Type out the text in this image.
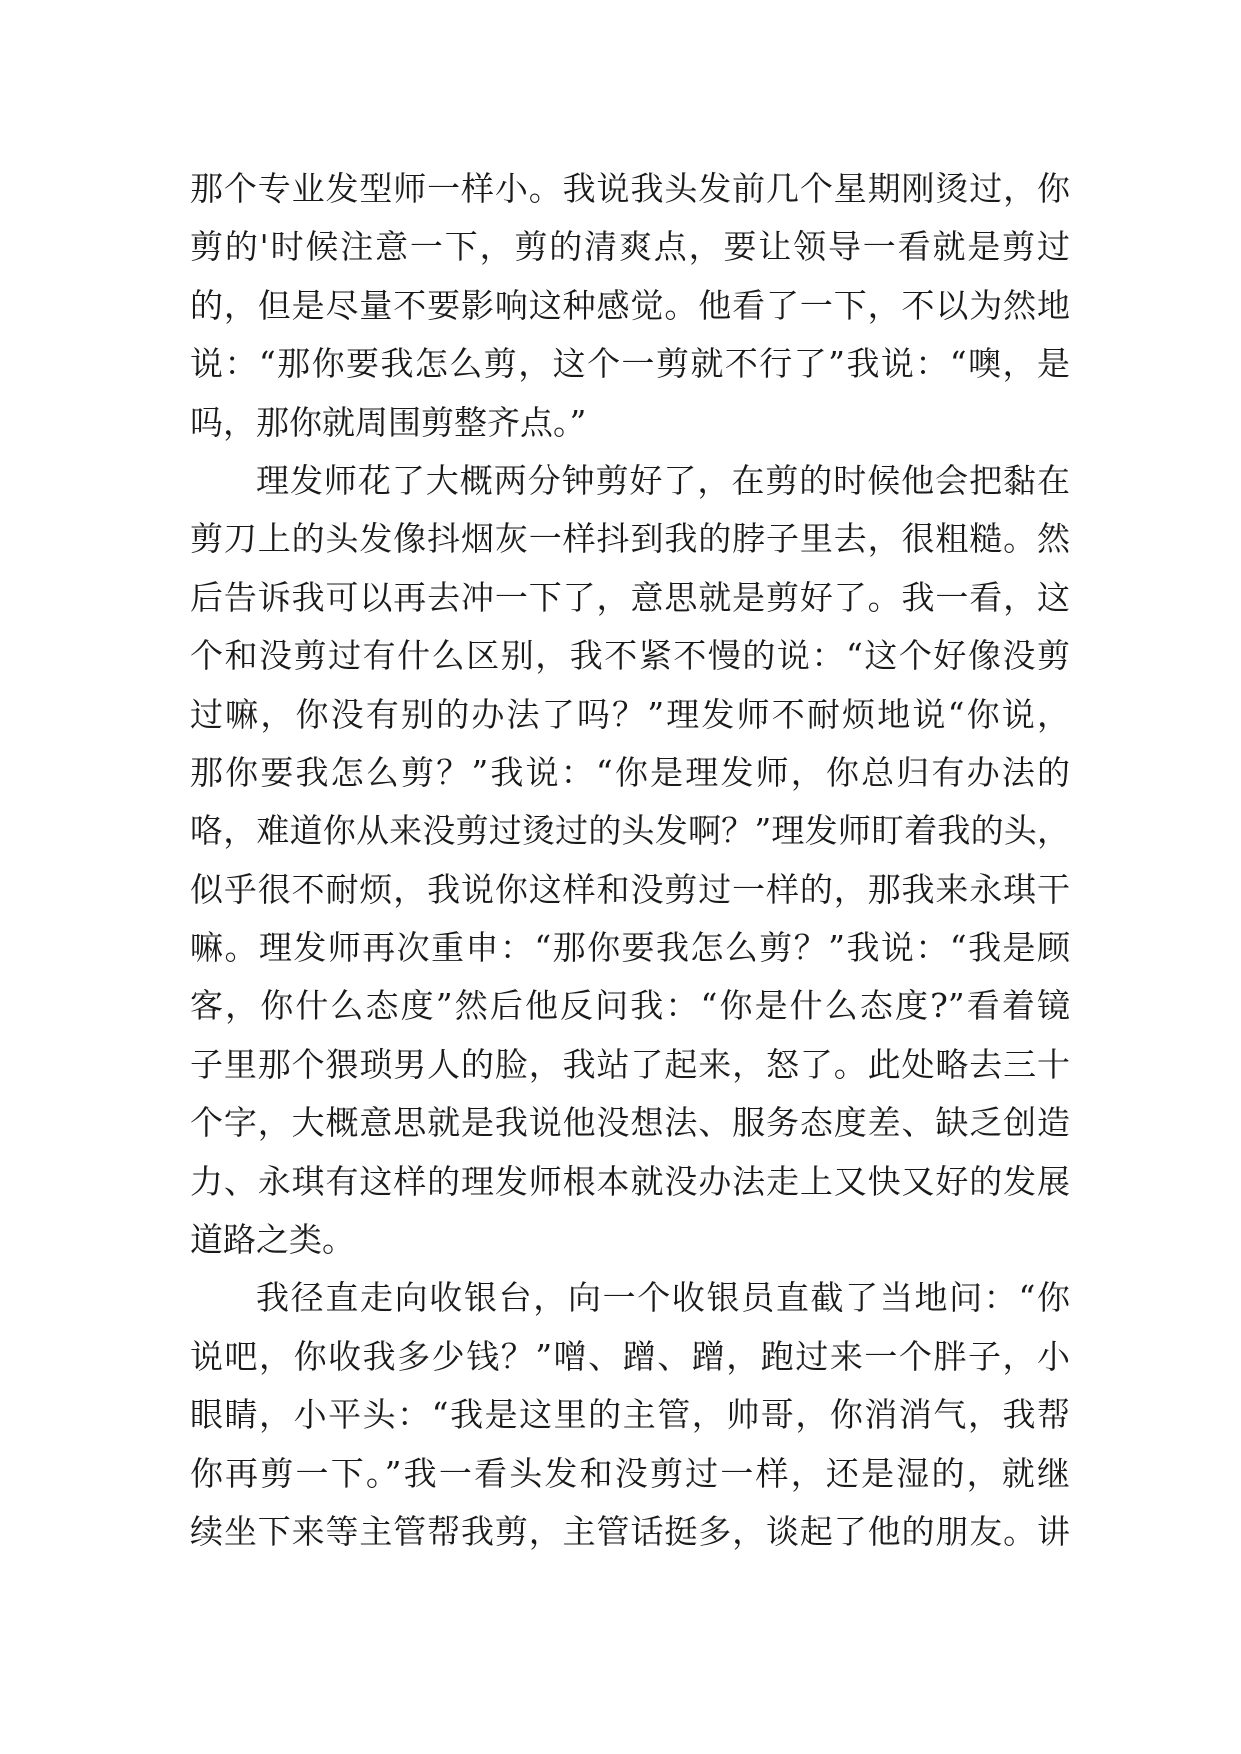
那个专业发型师一样小。我说我头发前几个星期刚烫过，你
剪的'时候注意一下，剪的清爽点，要让领导一看就是剪过
的，但是尽量不要影响这种感觉。他看了一下，不以为然地
说：“那你要我怎么剪，这个一剪就不行了”我说：“噢，是
吗，那你就周围剪整齐点。”
理发师花了大概两分钟剪好了，在剪的时候他会把黏在
剪刀上的头发像抖烟灰一样抖到我的脖子里去，很粗糙。然
后告诉我可以再去冲一下了，意思就是剪好了。我一看，这
个和没剪过有什么区别，我不紧不慢的说：“这个好像没剪
过嘛，你没有别的办法了吗？”理发师不耐烦地说“你说，
那你要我怎么剪？”我说：“你是理发师，你总归有办法的
咯，难道你从来没剪过烫过的头发啊？”理发师盯着我的头，
似乎很不耐烦，我说你这样和没剪过一样的，那我来永琪干
嘛。理发师再次重申：“那你要我怎么剪？”我说：“我是顾
客，你什么态度”然后他反问我：“你是什么态度?”看着镜
子里那个猥琐男人的脸，我站了起来，怒了。此处略去三十
个字，大概意思就是我说他没想法、服务态度差、缺乏创造
力、永琪有这样的理发师根本就没办法走上又快又好的发展
道路之类。
我径直走向收银台，向一个收银员直截了当地问：“你
说吧，你收我多少钱？”噌、蹭、蹭，跑过来一个胖子，小
眼睛，小平头：“我是这里的主管，帅哥，你消消气，我帮
你再剪一下。”我一看头发和没剪过一样，还是湿的，就继
续坐下来等主管帮我剪，主管话挺多，谈起了他的朋友。讲
